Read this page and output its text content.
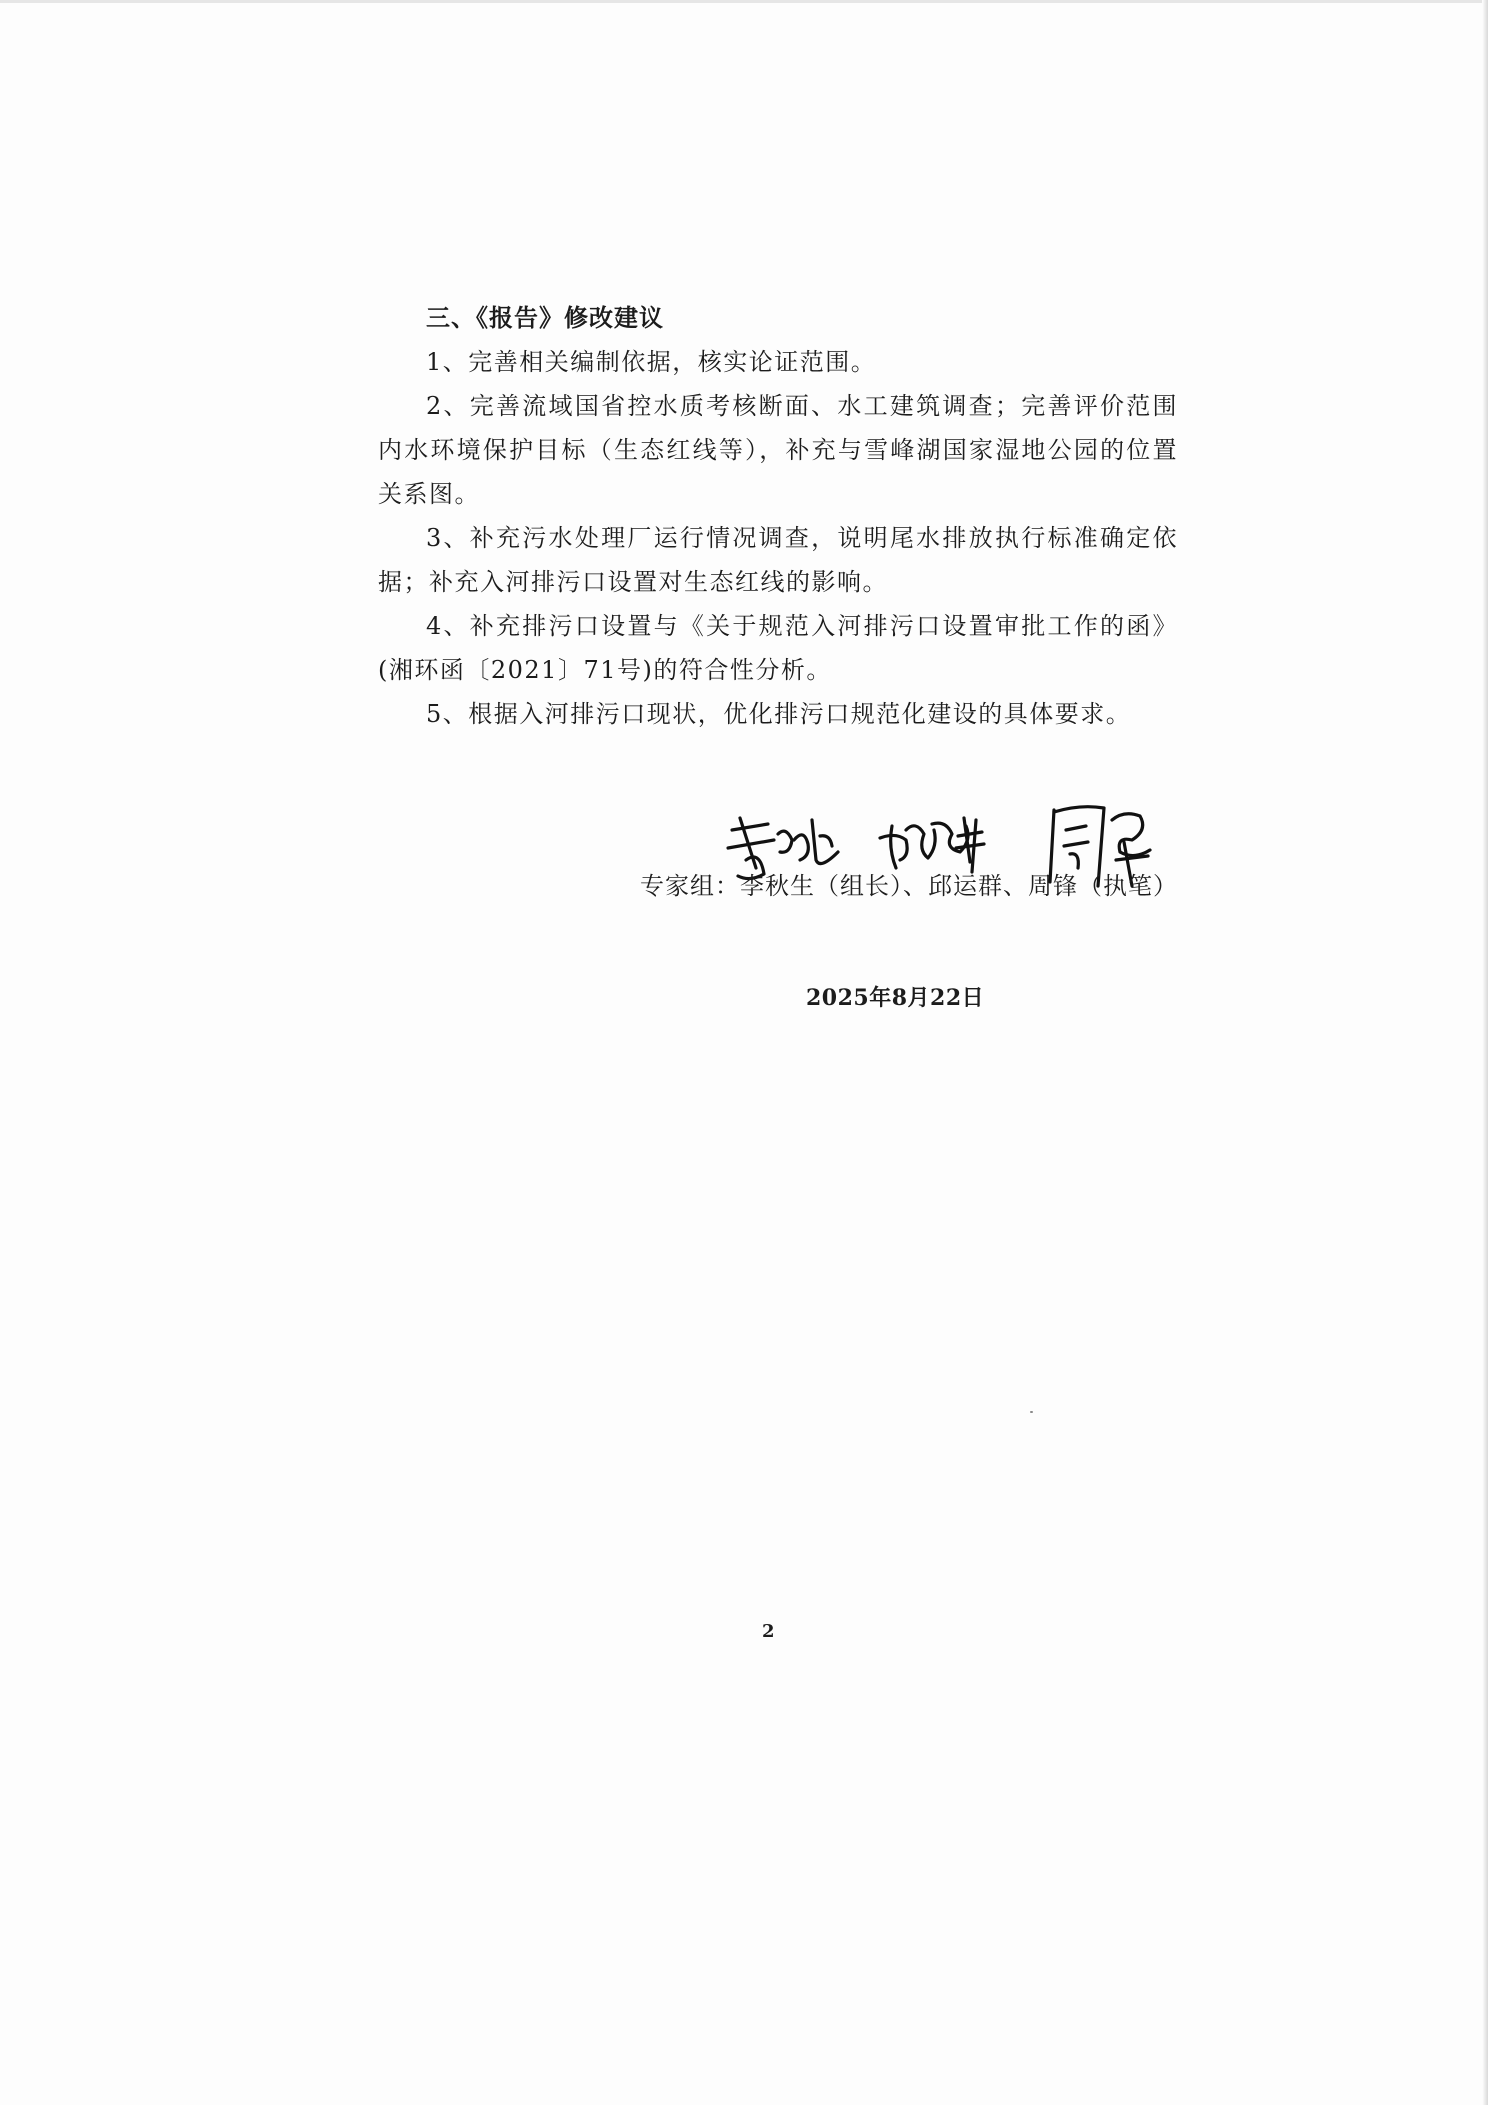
三、《报告》修改建议

1、完善相关编制依据，核实论证范围。

2、完善流域国省控水质考核断面、水工建筑调查；完善评价范围内水环境保护目标（生态红线等），补充与雪峰湖国家湿地公园的位置关系图。

3、补充污水处理厂运行情况调查，说明尾水排放执行标准确定依据；补充入河排污口设置对生态红线的影响。

4、补充排污口设置与《关于规范入河排污口设置审批工作的函》(湘环函〔2021〕71号)的符合性分析。

5、根据入河排污口现状，优化排污口规范化建设的具体要求。

专家组：李秋生（组长）、邱运群、周锋（执笔）
2025年8月22日
2
